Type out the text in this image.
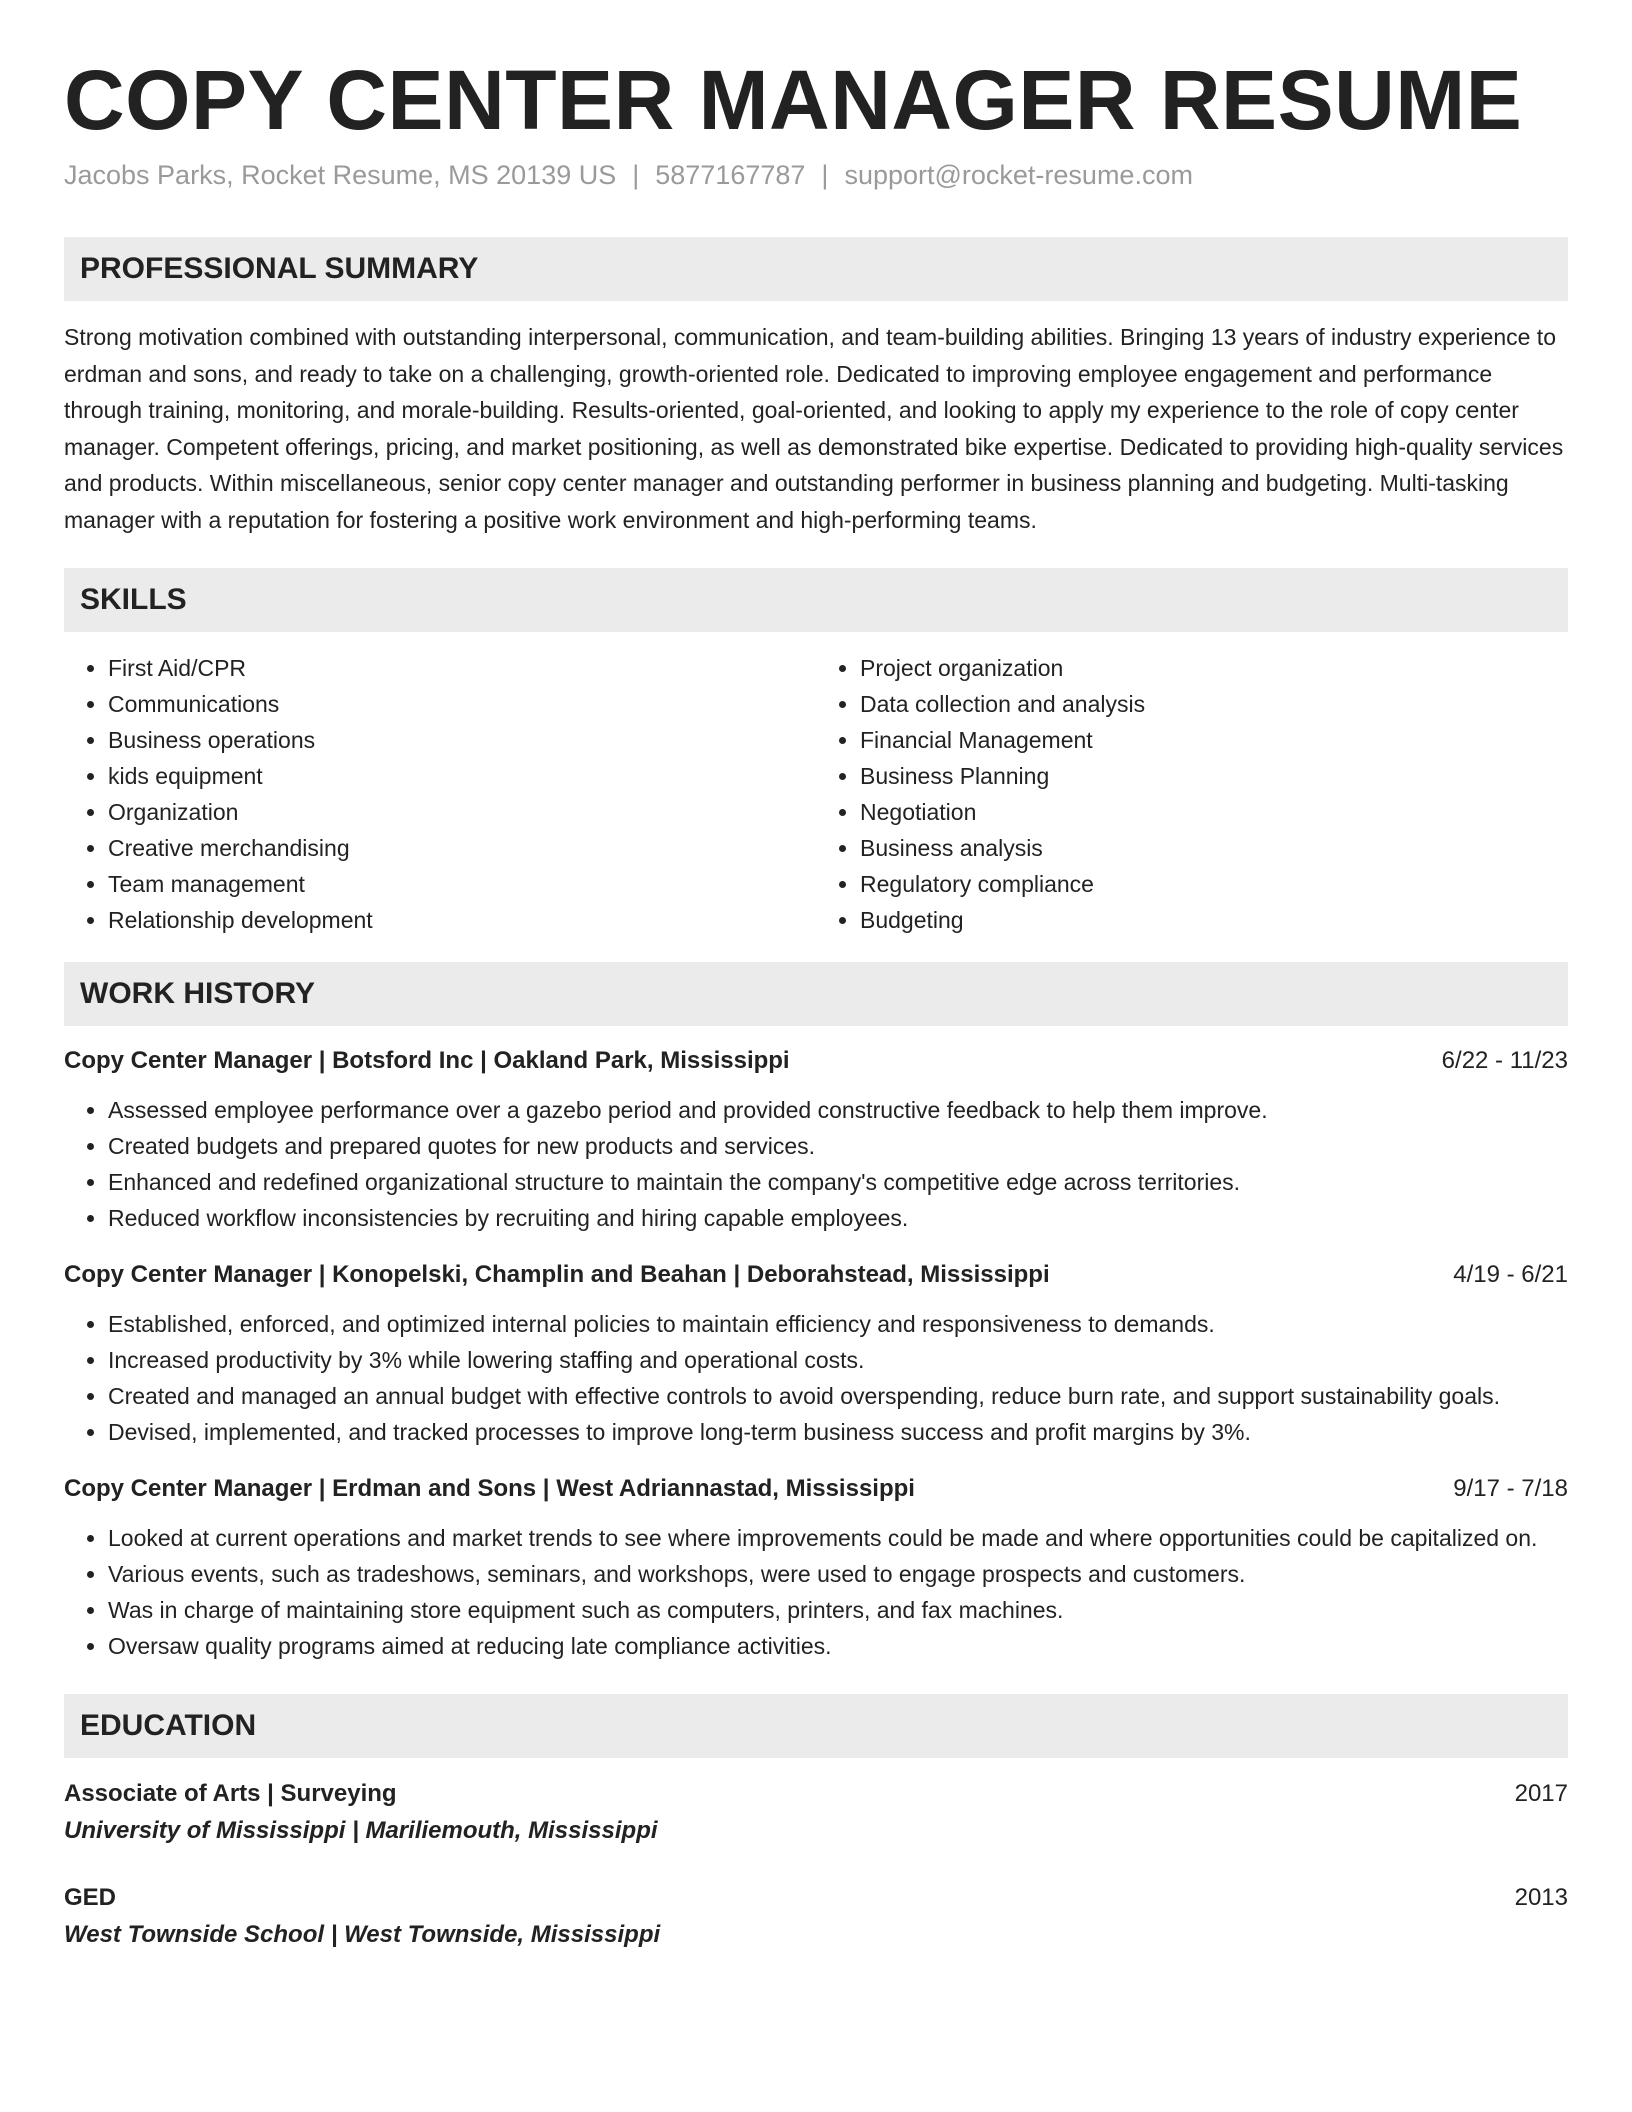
COPY CENTER MANAGER RESUME
Jacobs Parks, Rocket Resume, MS 20139 US | 5877167787 | support@rocket-resume.com
PROFESSIONAL SUMMARY
Strong motivation combined with outstanding interpersonal, communication, and team-building abilities. Bringing 13 years of industry experience to erdman and sons, and ready to take on a challenging, growth-oriented role. Dedicated to improving employee engagement and performance through training, monitoring, and morale-building. Results-oriented, goal-oriented, and looking to apply my experience to the role of copy center manager. Competent offerings, pricing, and market positioning, as well as demonstrated bike expertise. Dedicated to providing high-quality services and products. Within miscellaneous, senior copy center manager and outstanding performer in business planning and budgeting. Multi-tasking manager with a reputation for fostering a positive work environment and high-performing teams.
SKILLS
• First Aid/CPR
• Communications
• Business operations
• kids equipment
• Organization
• Creative merchandising
• Team management
• Relationship development
• Project organization
• Data collection and analysis
• Financial Management
• Business Planning
• Negotiation
• Business analysis
• Regulatory compliance
• Budgeting
WORK HISTORY
Copy Center Manager | Botsford Inc | Oakland Park, Mississippi	6/22 - 11/23
• Assessed employee performance over a gazebo period and provided constructive feedback to help them improve.
• Created budgets and prepared quotes for new products and services.
• Enhanced and redefined organizational structure to maintain the company's competitive edge across territories.
• Reduced workflow inconsistencies by recruiting and hiring capable employees.
Copy Center Manager | Konopelski, Champlin and Beahan | Deborahstead, Mississippi	4/19 - 6/21
• Established, enforced, and optimized internal policies to maintain efficiency and responsiveness to demands.
• Increased productivity by 3% while lowering staffing and operational costs.
• Created and managed an annual budget with effective controls to avoid overspending, reduce burn rate, and support sustainability goals.
• Devised, implemented, and tracked processes to improve long-term business success and profit margins by 3%.
Copy Center Manager | Erdman and Sons | West Adriannastad, Mississippi	9/17 - 7/18
• Looked at current operations and market trends to see where improvements could be made and where opportunities could be capitalized on.
• Various events, such as tradeshows, seminars, and workshops, were used to engage prospects and customers.
• Was in charge of maintaining store equipment such as computers, printers, and fax machines.
• Oversaw quality programs aimed at reducing late compliance activities.
EDUCATION
Associate of Arts | Surveying	2017
University of Mississippi | Mariliemouth, Mississippi
GED	2013
West Townside School | West Townside, Mississippi
